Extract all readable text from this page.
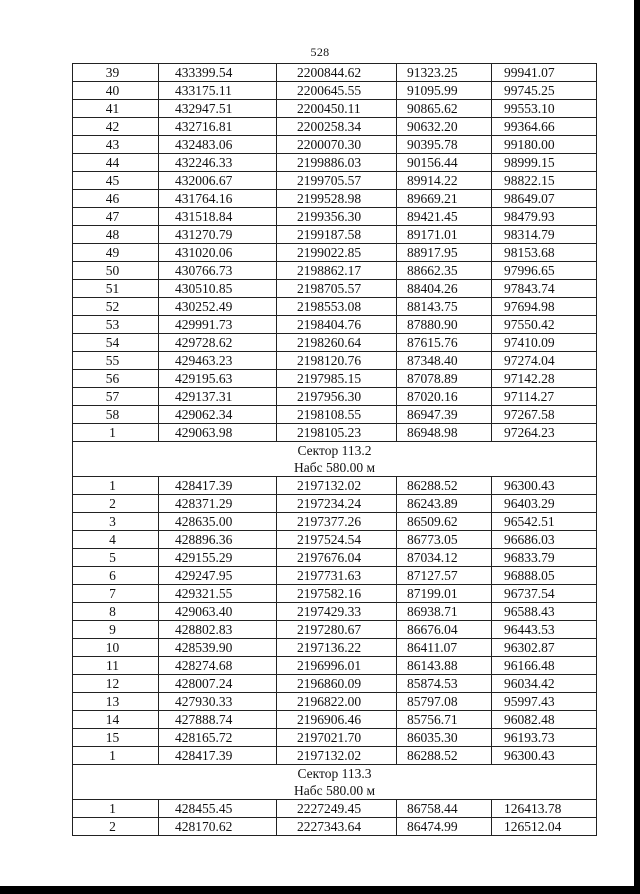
528
39	433399.54	2200844.62	91323.25	99941.07
40	433175.11	2200645.55	91095.99	99745.25
41	432947.51	2200450.11	90865.62	99553.10
42	432716.81	2200258.34	90632.20	99364.66
43	432483.06	2200070.30	90395.78	99180.00
44	432246.33	2199886.03	90156.44	98999.15
45	432006.67	2199705.57	89914.22	98822.15
46	431764.16	2199528.98	89669.21	98649.07
47	431518.84	2199356.30	89421.45	98479.93
48	431270.79	2199187.58	89171.01	98314.79
49	431020.06	2199022.85	88917.95	98153.68
50	430766.73	2198862.17	88662.35	97996.65
51	430510.85	2198705.57	88404.26	97843.74
52	430252.49	2198553.08	88143.75	97694.98
53	429991.73	2198404.76	87880.90	97550.42
54	429728.62	2198260.64	87615.76	97410.09
55	429463.23	2198120.76	87348.40	97274.04
56	429195.63	2197985.15	87078.89	97142.28
57	429137.31	2197956.30	87020.16	97114.27
58	429062.34	2198108.55	86947.39	97267.58
1	429063.98	2198105.23	86948.98	97264.23
Сектор 113.2				
Набс 580.00 м				
1	428417.39	2197132.02	86288.52	96300.43
2	428371.29	2197234.24	86243.89	96403.29
3	428635.00	2197377.26	86509.62	96542.51
4	428896.36	2197524.54	86773.05	96686.03
5	429155.29	2197676.04	87034.12	96833.79
6	429247.95	2197731.63	87127.57	96888.05
7	429321.55	2197582.16	87199.01	96737.54
8	429063.40	2197429.33	86938.71	96588.43
9	428802.83	2197280.67	86676.04	96443.53
10	428539.90	2197136.22	86411.07	96302.87
11	428274.68	2196996.01	86143.88	96166.48
12	428007.24	2196860.09	85874.53	96034.42
13	427930.33	2196822.00	85797.08	95997.43
14	427888.74	2196906.46	85756.71	96082.48
15	428165.72	2197021.70	86035.30	96193.73
1	428417.39	2197132.02	86288.52	96300.43
Сектор 113.3				
Набс 580.00 м				
1	428455.45	2227249.45	86758.44	126413.78
2	428170.62	2227343.64	86474.99	126512.04
